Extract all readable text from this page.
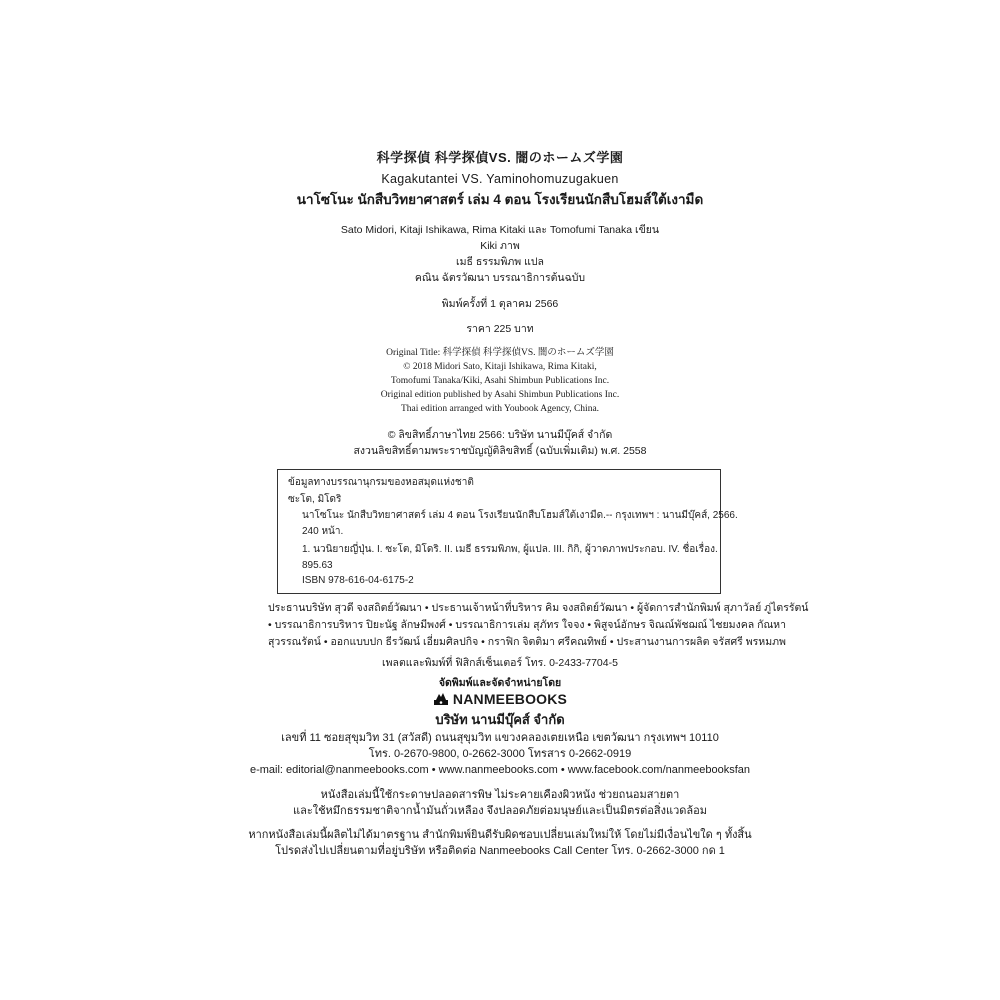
科学探偵 科学探偵VS. 闇のホームズ学園
Kagakutantei VS. Yaminohomuzugakuen
นาโซโนะ นักสืบวิทยาศาสตร์ เล่ม 4 ตอน โรงเรียนนักสืบโฮมส์ใต้เงามืด
Sato Midori, Kitaji Ishikawa, Rima Kitaki และ Tomofumi Tanaka เขียน
Kiki ภาพ
เมธี ธรรมพิภพ แปล
คณิน ฉัตรวัฒนา บรรณาธิการต้นฉบับ
พิมพ์ครั้งที่ 1 ตุลาคม 2566
ราคา 225 บาท
Original Title: 科学探偵 科学探偵VS. 闇のホームズ学園
© 2018 Midori Sato, Kitaji Ishikawa, Rima Kitaki,
Tomofumi Tanaka/Kiki, Asahi Shimbun Publications Inc.
Original edition published by Asahi Shimbun Publications Inc.
Thai edition arranged with Youbook Agency, China.
© ลิขสิทธิ์ภาษาไทย 2566: บริษัท นานมีบุ๊คส์ จำกัด
สงวนลิขสิทธิ์ตามพระราชบัญญัติลิขสิทธิ์ (ฉบับเพิ่มเติม) พ.ศ. 2558
ข้อมูลทางบรรณานุกรมของหอสมุดแห่งชาติ
ซะโต, มิโดริ
นาโซโนะ นักสืบวิทยาศาสตร์ เล่ม 4 ตอน โรงเรียนนักสืบโฮมส์ใต้เงามืด.-- กรุงเทพฯ : นานมีบุ๊คส์, 2566.
240 หน้า.
1. นวนิยายญี่ปุ่น. I. ซะโต, มิโดริ. II. เมธี ธรรมพิภพ, ผู้แปล. III. กิกิ, ผู้วาดภาพประกอบ. IV. ชื่อเรื่อง.
895.63
ISBN 978-616-04-6175-2
ประธานบริษัท สุวดี จงสถิตย์วัฒนา • ประธานเจ้าหน้าที่บริหาร คิม จงสถิตย์วัฒนา • ผู้จัดการสำนักพิมพ์ สุภาวัลย์ ภู่ไตรรัตน์
• บรรณาธิการบริหาร ปิยะนัฐ ลักษมีพงศ์ • บรรณาธิการเล่ม สุภัทร ใจจง • พิสูจน์อักษร จิณณ์พัชฌณ์ ไชยมงคล กัณหา
สุวรรณรัตน์ • ออกแบบปก ธีรวัฒน์ เอี่ยมศิลปกิจ • กราฟิก จิตติมา ศรีคณทิพย์ • ประสานงานการผลิต จรัสศรี พรหมภพ
เพลตและพิมพ์ที่ ฟิสิกส์เซ็นเตอร์ โทร. 0-2433-7704-5
จัดพิมพ์และจัดจำหน่ายโดย
NANMEEBOOKS
บริษัท นานมีบุ๊คส์ จำกัด
เลขที่ 11 ซอยสุขุมวิท 31 (สวัสดี) ถนนสุขุมวิท แขวงคลองเตยเหนือ เขตวัฒนา กรุงเทพฯ 10110
โทร. 0-2670-9800, 0-2662-3000 โทรสาร 0-2662-0919
e-mail: editorial@nanmeebooks.com • www.nanmeebooks.com • www.facebook.com/nanmeebooksfan
หนังสือเล่มนี้ใช้กระดาษปลอดสารพิษ ไม่ระคายเคืองผิวหนัง ช่วยถนอมสายตา
และใช้หมึกธรรมชาติจากน้ำมันถั่วเหลือง จึงปลอดภัยต่อมนุษย์และเป็นมิตรต่อสิ่งแวดล้อม
หากหนังสือเล่มนี้ผลิตไม่ได้มาตรฐาน สำนักพิมพ์ยินดีรับผิดชอบเปลี่ยนเล่มใหม่ให้ โดยไม่มีเงื่อนไขใด ๆ ทั้งสิ้น
โปรดส่งไปเปลี่ยนตามที่อยู่บริษัท หรือติดต่อ Nanmeebooks Call Center โทร. 0-2662-3000 กด 1
